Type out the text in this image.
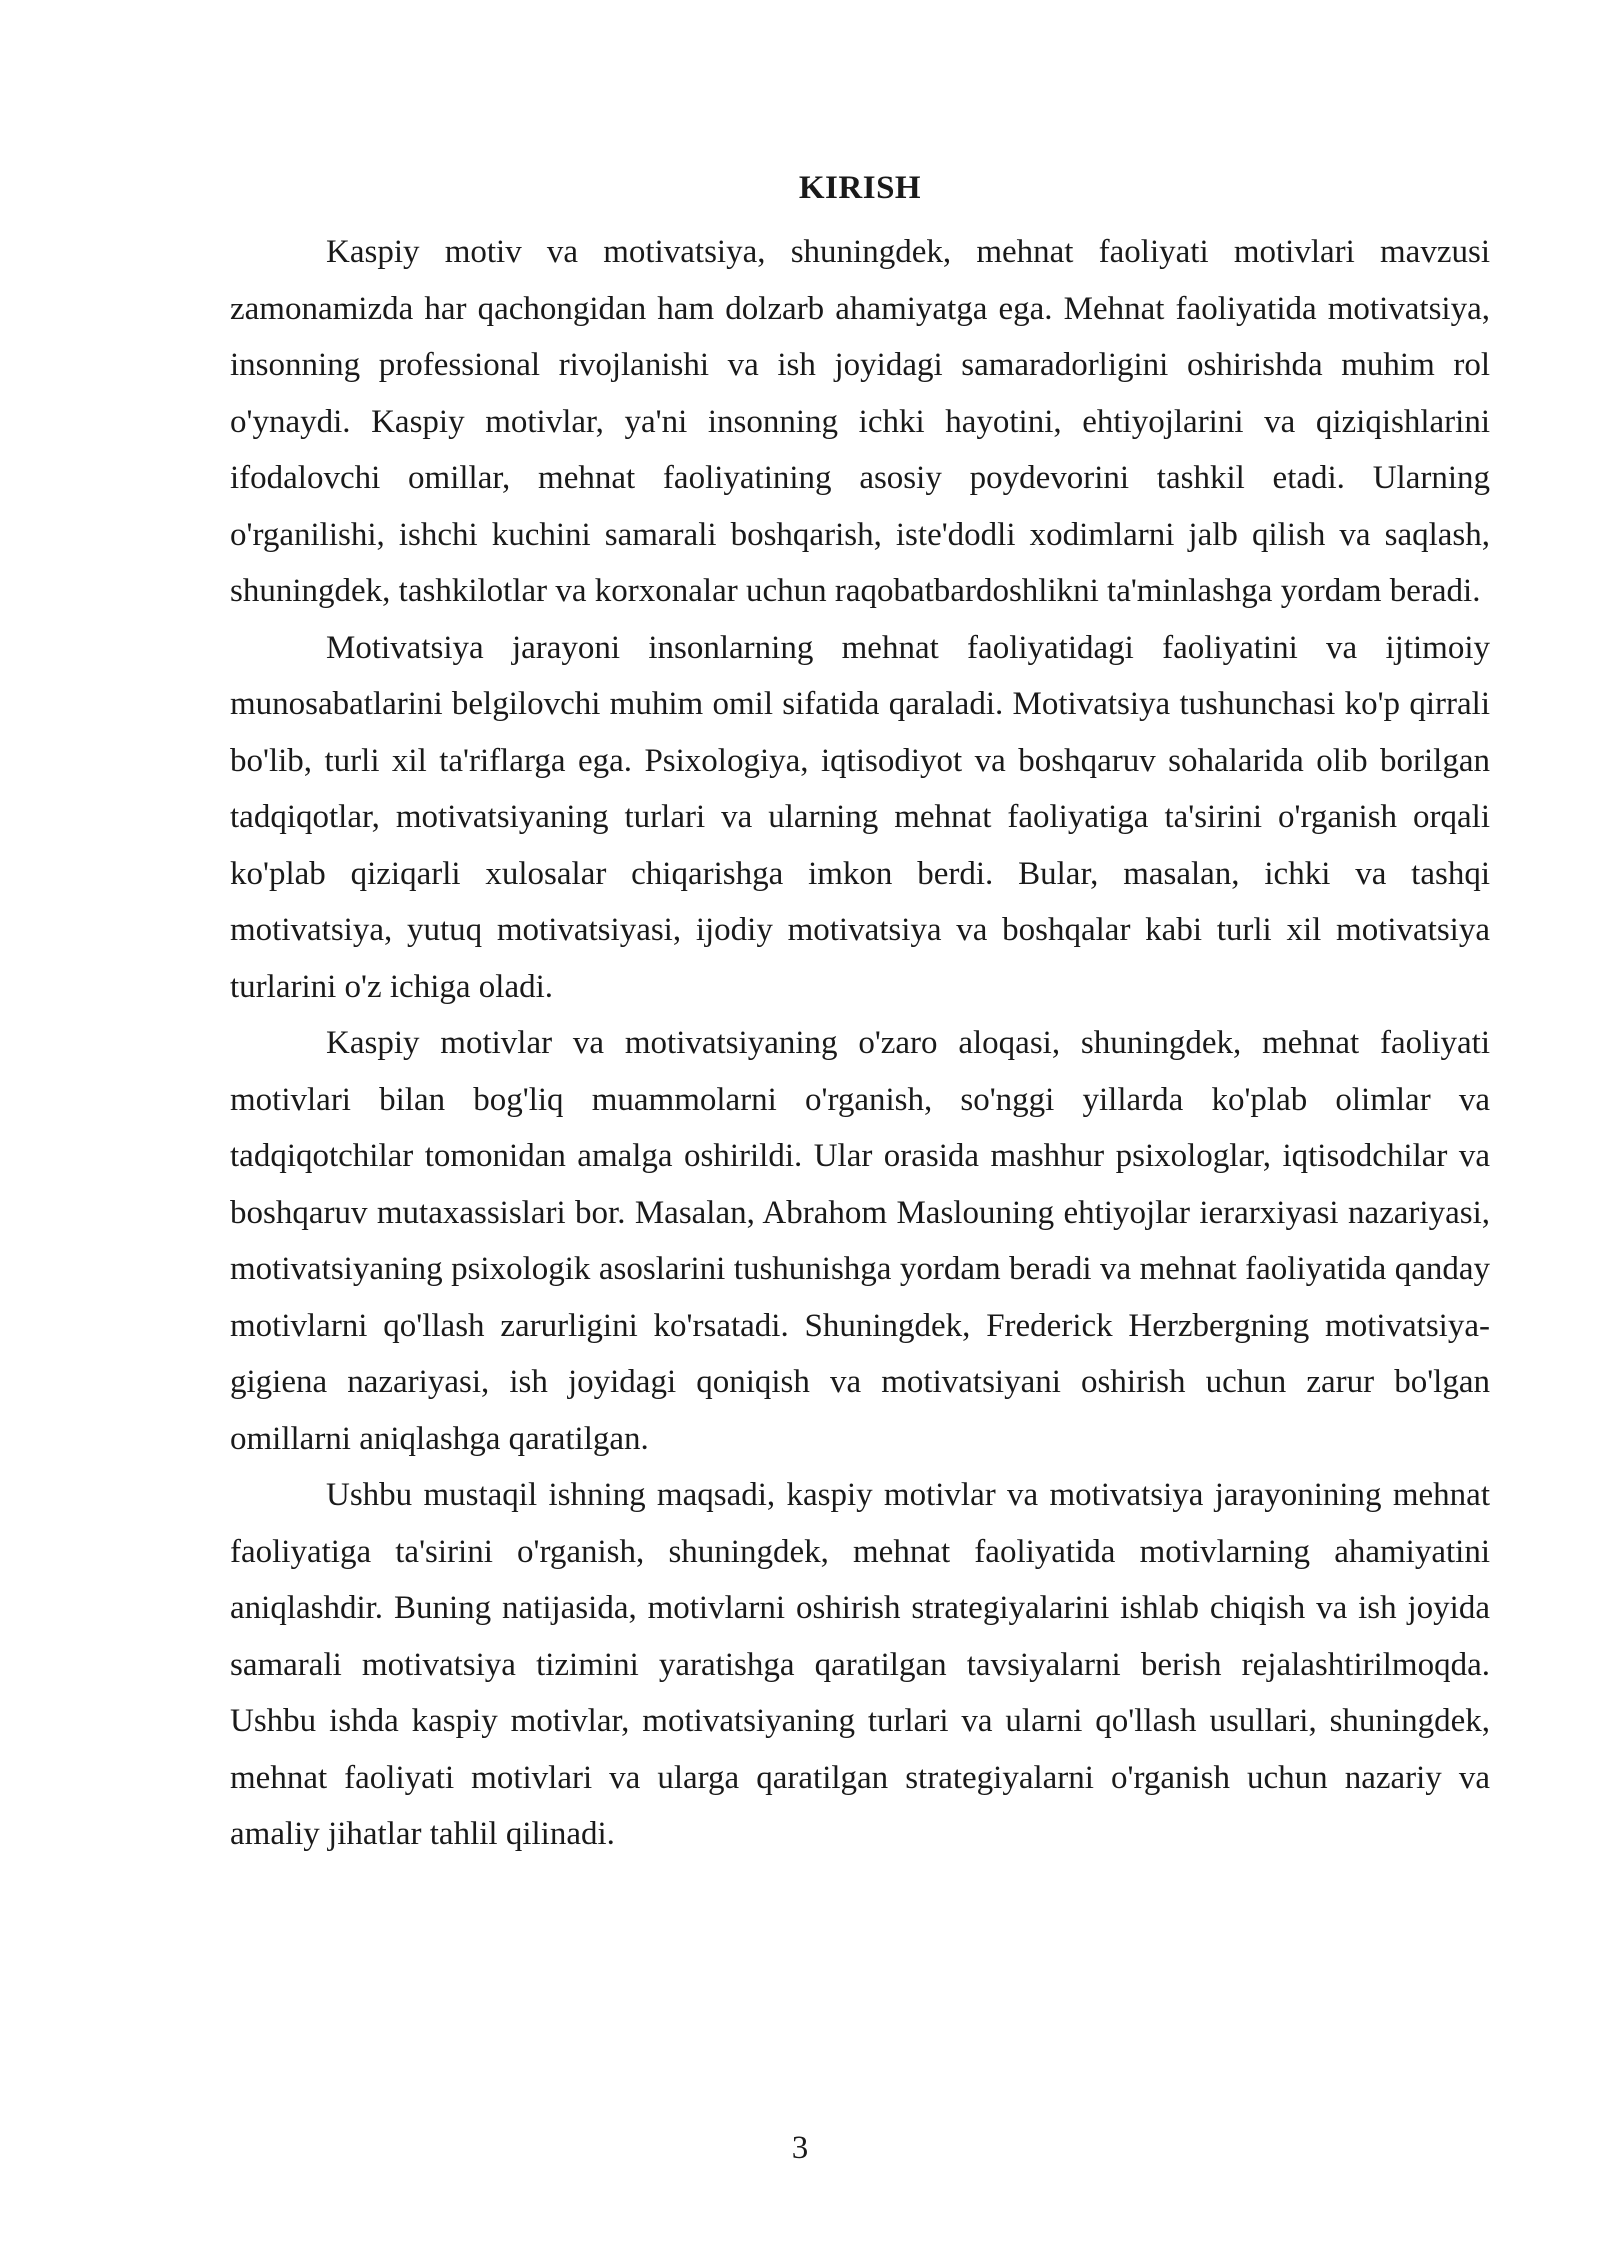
KIRISH

Kaspiy motiv va motivatsiya, shuningdek, mehnat faoliyati motivlari mavzusi zamonamizda har qachongidan ham dolzarb ahamiyatga ega. Mehnat faoliyatida motivatsiya, insonning professional rivojlanishi va ish joyidagi samaradorligini oshirishda muhim rol o'ynaydi. Kaspiy motivlar, ya'ni insonning ichki hayotini, ehtiyojlarini va qiziqishlarini ifodalovchi omillar, mehnat faoliyatining asosiy poydevorini tashkil etadi. Ularning o'rganilishi, ishchi kuchini samarali boshqarish, iste'dodli xodimlarni jalb qilish va saqlash, shuningdek, tashkilotlar va korxonalar uchun raqobatbardoshlikni ta'minlashga yordam beradi.

Motivatsiya jarayoni insonlarning mehnat faoliyatidagi faoliyatini va ijtimoiy munosabatlarini belgilovchi muhim omil sifatida qaraladi. Motivatsiya tushunchasi ko'p qirrali bo'lib, turli xil ta'riflarga ega. Psixologiya, iqtisodiyot va boshqaruv sohalarida olib borilgan tadqiqotlar, motivatsiyaning turlari va ularning mehnat faoliyatiga ta'sirini o'rganish orqali ko'plab qiziqarli xulosalar chiqarishga imkon berdi. Bular, masalan, ichki va tashqi motivatsiya, yutuq motivatsiyasi, ijodiy motivatsiya va boshqalar kabi turli xil motivatsiya turlarini o'z ichiga oladi.

Kaspiy motivlar va motivatsiyaning o'zaro aloqasi, shuningdek, mehnat faoliyati motivlari bilan bog'liq muammolarni o'rganish, so'nggi yillarda ko'plab olimlar va tadqiqotchilar tomonidan amalga oshirildi. Ular orasida mashhur psixologlar, iqtisodchilar va boshqaruv mutaxassislari bor. Masalan, Abrahom Maslouning ehtiyojlar ierarxiyasi nazariyasi, motivatsiyaning psixologik asoslarini tushunishga yordam beradi va mehnat faoliyatida qanday motivlarni qo'llash zarurligini ko'rsatadi. Shuningdek, Frederick Herzbergning motivatsiya-gigiena nazariyasi, ish joyidagi qoniqish va motivatsiyani oshirish uchun zarur bo'lgan omillarni aniqlashga qaratilgan.

Ushbu mustaqil ishning maqsadi, kaspiy motivlar va motivatsiya jarayonining mehnat faoliyatiga ta'sirini o'rganish, shuningdek, mehnat faoliyatida motivlarning ahamiyatini aniqlashdir. Buning natijasida, motivlarni oshirish strategiyalarini ishlab chiqish va ish joyida samarali motivatsiya tizimini yaratishga qaratilgan tavsiyalarni berish rejalashtirilmoqda. Ushbu ishda kaspiy motivlar, motivatsiyaning turlari va ularni qo'llash usullari, shuningdek, mehnat faoliyati motivlari va ularga qaratilgan strategiyalarni o'rganish uchun nazariy va amaliy jihatlar tahlil qilinadi.

3
